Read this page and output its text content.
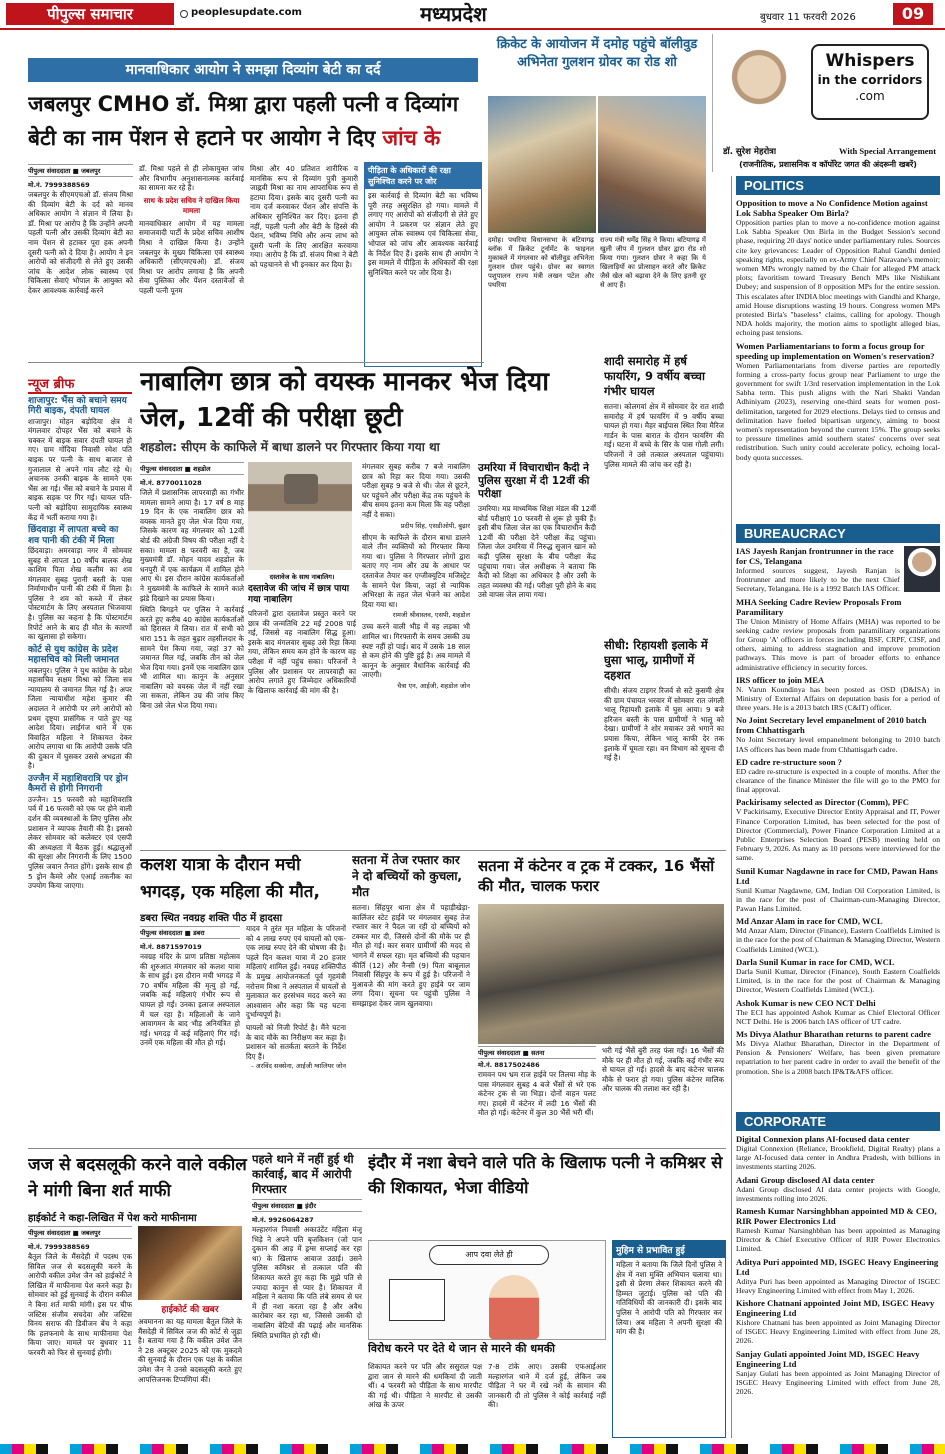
पीपुल्स समाचार	peoplesupdate.com	मध्यप्रदेश	बुधवार 11 फरवरी 2026	09
मानवाधिकार आयोग ने समझा दिव्यांग बेटी का दर्द
जबलपुर CMHO डॉ. मिश्रा द्वारा पहली पत्नी व दिव्यांग बेटी का नाम पेंशन से हटाने पर आयोग ने दिए जांच के
पीपुल्स संवाददाता ■ जबलपुर
मो.नं. 7999388569
जबलपुर के सीएमएचओ डॉ. संजय मिश्रा की दिव्यांग बेटी के दर्द को मानव अधिकार आयोग ने संज्ञान में लिया है। डॉ. मिश्रा पर आरोप है कि उन्होंने अपनी पहली पत्नी और उसकी दिव्यांग बेटी का नाम पेंशन से हटाकर पूरा हक अपनी दूसरी पत्नी को दे दिया है। आयोग ने इन आरोपों को संजीदगी से लेते हुए उसकी जांच के आदेश लोक स्वास्थ्य एवं चिकित्सा सेवाएं भोपाल के आयुक्त को देकर आवश्यक कार्रवाई करने
डॉ. मिश्रा पहले से ही लोकायुक्त जांच और विभागीय अनुशासनात्मक कार्रवाई का सामना कर रहे हैं।
साथ के प्रदेश सचिव ने दाखिल किया मामला
मानवाधिकार आयोग में यह मामला समाजवादी पार्टी के प्रदेश सचिव आशीष मिश्रा ने दाखिल किया है। उन्होंने जबलपुर के मुख्य चिकित्सा एवं स्वास्थ्य अधिकारी (सीएमएचओ) डॉ. संजय मिश्रा पर आरोप लगाया है कि अपनी सेवा पुस्तिका और पेंशन दस्तावेजों से पहली पत्नी पूनम
मिश्रा और 40 प्रतिशत शारीरिक व मानसिक रूप से दिव्यांग पुत्री कुमारी जाह्नवी मिश्रा का नाम आपराधिक रूप से हटाया दिया। इसके बाद दूसरी पत्नी का नाम दर्ज करवाकर पेंशन और संपत्ति के अधिकार सुनिश्चित कर दिए। इतना ही नहीं, पहली पत्नी और बेटी के हिस्से की पेंशन, भविष्य निधि और अन्य लाभ को दूसरी पत्नी के लिए आरक्षित करवाया गया। आरोप है कि डॉ. संजय मिश्रा ने बेटी को पहचानने से भी इनकार कर दिया है।
पीड़िता के अधिकारों की रक्षा सुनिश्चित करने पर जोर
इस कार्रवाई से दिव्यांग बेटी का भविष्य पूरी तरह असुरक्षित हो गया। मामले में लगाए गए आरोपों को संजीदगी से लेते हुए आयोग ने प्रकरण पर संज्ञान लेते हुए आयुक्त लोक स्वास्थ्य एवं चिकित्सा सेवा, भोपाल को जांच और आवश्यक कार्रवाई के निर्देश दिए हैं। इसके साथ ही आयोग ने इस मामले में पीड़िता के अधिकारों की रक्षा सुनिश्चित करने पर जोर दिया है।
क्रिकेट के आयोजन में दमोह पहुंचे बॉलीवुड अभिनेता गुलशन ग्रोवर का रोड शो
दमोह। पथरिया विधानसभा के बटियागढ़ ब्लॉक में क्रिकेट टूर्नामेंट के फाइनल मुकाबले में मंगलवार को बॉलीवुड अभिनेता गुलशन ग्रोवर पहुंचे। ग्रोवर का स्वागत पशुपालन राज्य मंत्री लखन पटेल और पथरिया
राज्य मंत्री धर्मेंद्र सिंह ने किया। बटियागढ़ में खुली जीप में गुलशन ग्रोवर द्वारा रोड शो किया गया। गुलशन ग्रोवर ने कहा कि ये खिलाड़ियों का प्रोत्साहन करते और क्रिकेट जैसे खेल को बढ़ावा देने के लिए इतनी दूर से आए हैं।
Whispers
in the corridors
.com
डॉ. सुरेश मेहरोत्रा	With Special Arrangement
(राजनीतिक, प्रशासनिक व कॉर्पोरेट जगत की अंदरूनी खबरें)
POLITICS
Opposition to move a No Confidence Motion against Lok Sabha Speaker Om Birla?
Opposition parties plan to move a no-confidence motion against Lok Sabha Speaker Om Birla in the Budget Session's second phase, requiring 20 days' notice under parliamentary rules. Sources cite key grievances: Leader of Opposition Rahul Gandhi denied speaking rights, especially on ex-Army Chief Naravane's memoir; women MPs wrongly named by the Chair for alleged PM attack plots; favoritism toward Treasury Bench MPs like Nishikant Dubey; and suspension of 8 opposition MPs for the entire session. This escalates after INDIA bloc meetings with Gandhi and Kharge, amid House disruptions wasting 19 hours. Congress women MPs protested Birla's "baseless" claims, calling for apology. Though NDA holds majority, the motion aims to spotlight alleged bias, echoing past tensions.
Women Parliamentarians to form a focus group for speeding up implementation on Women's reservation?
Women Parliamentarians from diverse parties are reportedly forming a cross-party focus group near Parliament to urge the government for swift 1/3rd reservation implementation in the Lok Sabha term. This push aligns with the Nari Shakti Vandan Adhiniyam (2023), reserving one-third seats for women post-delimitation, targeted for 2029 elections. Delays tied to census and delimitation have fueled bipartisan urgency, aiming to boost women's representation beyond the current 15%. The group seeks to pressure timelines amid southern states' concerns over seat redistribution. Such unity could accelerate policy, echoing local-body quota successes.
BUREAUCRACY
IAS Jayesh Ranjan frontrunner in the race for CS, Telangana
Informed sources suggest, Jayesh Ranjan is frontrunner and more likely to be the next Chief Secretary, Telangana. He is a 1992 Batch IAS Officer.
MHA Seeking Cadre Review Proposals From Paramilitary
The Union Ministry of Home Affairs (MHA) was reported to be seeking cadre review proposals from paramilitary organizations for Group 'A' officers in forces including BSF, CRPF, CISF, and others, aiming to address stagnation and improve promotion pathways. This move is part of broader efforts to enhance administrative efficiency in security forces.
IRS officer to join MEA
N. Varun Koundinya has been posted as OSD (D&ISA) in Ministry of External Affairs on deputation basis for a period of three years. He is a 2013 batch IRS (C&IT) officer.
No Joint Secretary level empanelment of 2010 batch from Chhattisgarh
No Joint Secretary level empanelment belonging to 2010 batch IAS officers has been made from Chhattisgarh cadre.
ED cadre re-structure soon ?
ED cadre re-structure is expected in a couple of months. After the clearance of the finance Minister the file will go to the PMO for final approval.
Packirisamy selected as Director (Comm), PFC
V Packirisamy, Executive Director Entity Appraisal and IT, Power Finance Corporation Limited, has been selected for the post of Director (Commercial), Power Finance Corporation Limited at a Public Enterprises Selection Board (PESB) meeting held on February 9, 2026. As many as 10 persons were interviewed for the same.
Sunil Kumar Nagdawne in race for CMD, Pawan Hans Ltd
Sunil Kumar Nagdawne, GM, Indian Oil Corporation Limited, is in the race for the post of Chairman-cum-Managing Director, Pawan Hans Limited.
Md Anzar Alam in race for CMD, WCL
Md Anzar Alam, Director (Finance), Eastern Coalfields Limited is in the race for the post of Chairman & Managing Director, Western Coalfields Limited (WCL).
Darla Sunil Kumar in race for CMD, WCL
Darla Sunil Kumar, Director (Finance), South Eastern Coalfields Limited, is in the race for the post of Chairman & Managing Director, Western Coalfields Limited (WCL).
Ashok Kumar is new CEO NCT Delhi
The ECI has appointed Ashok Kumar as Chief Electoral Officer NCT Delhi. He is 2006 batch IAS officer of UT cadre.
Ms Divya Alathur Bharathan returns to parent cadre
Ms Divya Alathur Bharathan, Director in the Department of Pension & Pensioners' Welfare, has been given premature repatriation to her parent cadre in order to avail the benefit of the promotion. She is a 2008 batch IP&T&AFS officer.
CORPORATE
Digital Connexion plans AI-focused data center
Digital Connexion (Reliance, Brookfield, Digital Realty) plans a large AI-focused data center in Andhra Pradesh, with billions in investments starting 2026.
Adani Group disclosed AI data center
Adani Group disclosed AI data center projects with Google, investments rolling into 2026.
Ramesh Kumar Narsinghbhan appointed MD & CEO, RIR Power Electronics Ltd
Ramesh Kumar Narsinghbhan has been appointed as Managing Director & Chief Executive Officer of RIR Power Electronics Limited.
Aditya Puri appointed MD, ISGEC Heavy Engineering Ltd
Aditya Puri has been appointed as Managing Director of ISGEC Heavy Engineering Limited with effect from May 1, 2026.
Kishore Chatnani appointed Joint MD, ISGEC Heavy Engineering Ltd
Kishore Chatnani has been appointed as Joint Managing Director of ISGEC Heavy Engineering Limited with effect from June 28, 2026.
Sanjay Gulati appointed Joint MD, ISGEC Heavy Engineering Ltd
Sanjay Gulati has been appointed as Joint Managing Director of ISGEC Heavy Engineering Limited with effect from June 28, 2026.
न्यूज ब्रीफ
शाजापुर: भैंस को बचाने समय गिरी बाइक, दंपती घायल
शाजापुर। मोहन बड़ोदिया क्षेत्र में मंगलवार दोपहर भैंस को बचाने के चक्कर में बाइक सवार दंपती घायल हो गए। ग्राम गोंदिया निवासी रमेश पति बाइक पर पत्नी के साथ बाजार से गुजालाल से अपने गांव लौट रहे थे। अचानक उनकी बाइक के सामने एक भैंस आ गई। भैंस को बचाने के प्रयास में बाइक सड़क पर गिर गई। घायल पति-पत्नी को बड़ोदिया सामुदायिक स्वास्थ्य केंद्र में भर्ती कराया गया है।
छिंदवाड़ा में लापता बच्चे का शव पानी की टंकी में मिला
छिंदवाड़ा। अमरवाड़ा नगर में सोमवार सुबह से लापता 10 वर्षीय बालक शेख काशिम पिता शेख कलीम का शव मंगलवार सुबह पुरानी बस्ती के पास निर्माणाधीन पानी की टंकी में मिला है। पुलिस ने शव को कब्जे में लेकर पोस्टमार्टम के लिए अस्पताल भिजवाया है। पुलिस का कहना है कि पोस्टमार्टम रिपोर्ट आने के बाद ही मौत के कारणों का खुलासा हो सकेगा।
कोर्ट से युथ कांग्रेस के प्रदेश महासचिव को मिली जमानत
जबलपुर। पुलिस ने युथ कांग्रेस के प्रदेश महासचिव सक्षम मिश्रा को जिला सत्र न्यायालय से जमानत मिल गई है। अपर जिला न्यायाधीश महेश कुमार की अदालत ने आरोपी पर लगे आरोपों को प्रथम दृष्ट्या प्रासंगिक न पाते हुए यह आदेश दिया। लाईगंज थाने में एक विवाहित महिला ने शिकायत देकर आरोप लगाया था कि आरोपी उसके पति की दुकान में घुसकर उससे अभद्रता की है।
उज्जैन में महाशिवरात्रि पर ड्रोन कैमरों से होगी निगरानी
उज्जैन। 15 फरवरी को महाशिवरात्रि पर्व में 16 फरवरी को एक पर होने वाली दर्शन की व्यवस्थाओं के लिए पुलिस और प्रशासन ने व्यापक तैयारी की है। इसको लेकर सोमवार को कलेक्टर एवं एसपी की अध्यक्षता में बैठक हुई। श्रद्धालुओं की सुरक्षा और निगरानी के लिए 1500 पुलिस जवान तैनात होंगे। इसके साथ ही 5 ड्रोन कैमरे और एआई तकनीक का उपयोग किया जाएगा।
नाबालिग छात्र को वयस्क मानकर भेज दिया जेल, 12वीं की परीक्षा छूटी
शहडोल: सीएम के काफिले में बाधा डालने पर गिरफ्तार किया गया था
पीपुल्स संवाददाता ■ शहडोल
मो.नं. 8770011028
जिले में प्रशासनिक लापरवाही का गंभीर मामला सामने आया है। 17 वर्ष 8 माह 19 दिन के एक नाबालिग छात्र को वयस्क मानते हुए जेल भेज दिया गया, जिसके कारण वह मंगलवार को 12वीं बोर्ड की अंग्रेजी विषय की परीक्षा नहीं दे सका। मामला 8 फरवरी का है, जब मुख्यमंत्री डॉ. मोहन यादव शहडोल के धनपुरी में एक कार्यक्रम में शामिल होने आए थे। इस दौरान कांग्रेस कार्यकर्ताओं ने मुख्यमंत्री के काफिले के सामने काले झंडे दिखाने का प्रयास किया।
स्थिति बिगड़ने पर पुलिस ने कार्रवाई करते हुए करीब 40 कांग्रेस कार्यकर्ताओं को हिरासत में लिया। रात में सभी को धारा 151 के तहत बुढ़ार तहसीलदार के सामने पेश किया गया, जहां 37 को जमानत मिल गई, जबकि तीन को जेल भेज दिया गया। इनमें एक नाबालिग छात्र भी शामिल था। कानून के अनुसार नाबालिग को वयस्क जेल में नहीं रखा जा सकता, लेकिन उम्र की जांच किए बिना उसे जेल भेज दिया गया।
दस्तावेज के साथ नाबालिग।
दस्तावेज की जांच में छात्र पाया गया नाबालिग
परिजनों द्वारा दस्तावेज प्रस्तुत करने पर छात्र की जन्मतिथि 22 मई 2008 पाई गई, जिससे वह नाबालिग सिद्ध हुआ। इसके बाद मंगलवार सुबह उसे रिहा किया गया, लेकिन समय कम होने के कारण वह परीक्षा में नहीं पहुंच सका। परिजनों ने पुलिस और प्रशासन पर लापरवाही का आरोप लगाते हुए जिम्मेदार अधिकारियों के खिलाफ कार्रवाई की मांग की है।
मंगलवार सुबह करीब 7 बजे नाबालिग छात्र को रिहा कर दिया गया। उसकी परीक्षा सुबह 9 बजे से थी। जेल से छूटने, घर पहुंचने और परीक्षा केंद्र तक पहुंचने के बीच समय इतना कम मिला कि वह परीक्षा नहीं दे सका।
प्रदीप सिंह, एसडीओपी, बुढ़ार
सीएम के काफिले के दौरान बाधा डालने वाले तीन व्यक्तियों को गिरफ्तार किया गया था। पुलिस ने गिरफ्तार लोगों द्वारा बताए गए नाम और उम्र के आधार पर दस्तावेज तैयार कर एग्जीक्यूटिव मजिस्ट्रेट के सामने पेश किया, जहां से न्यायिक अभिरक्षा के तहत जेल भेजने का आदेश दिया गया था।
रामजी श्रीवास्तव, एसपी, शहडोल
उच्च करने वाली भीड़ में वह लड़का भी शामिल था। गिरफ्तारी के समय उसकी उम्र स्पष्ट नहीं हो पाई। बाद में उसके 18 साल से कम होने की पुष्टि हुई है। अब मामले में कानून के अनुसार वैधानिक कार्रवाई की जाएगी।
चैत्रा एन, आईजी, शहडोल जोन
उमरिया में विचाराधीन कैदी ने पुलिस सुरक्षा में दी 12वीं की परीक्षा
उमरिया। मप्र माध्यमिक शिक्षा मंडल की 12वीं बोर्ड परीक्षाएं 10 फरवरी से शुरू हो चुकी हैं। इसी बीच जिला जेल का एक विचाराधीन कैदी 12वीं की परीक्षा देने परीक्षा केंद्र पहुंचा। जिला जेल उमरिया में निरुद्ध सुजान खान को कड़ी पुलिस सुरक्षा के बीच परीक्षा केंद्र पहुंचाया गया। जेल अधीक्षक ने बताया कि कैदी को शिक्षा का अधिकार है और उसी के तहत व्यवस्था की गई। परीक्षा पूरी होने के बाद उसे वापस जेल लाया गया।
शादी समारोह में हर्ष फायरिंग, 9 वर्षीय बच्चा गंभीर घायल
सतना। कोलगवां क्षेत्र में सोमवार देर रात शादी समारोह में हर्ष फायरिंग में 9 वर्षीय बच्चा घायल हो गया। मैहर बाईपास स्थित रिवा मैरिज गार्डन के पास बारात के दौरान फायरिंग की गई। घटना में बच्चे के सिर के पास गोली लगी। परिजनों ने उसे तत्काल अस्पताल पहुंचाया। पुलिस मामले की जांच कर रही है।
सीधी: रिहायशी इलाके में घुसा भालू, ग्रामीणों में दहशत
सीधी। संजय टाइगर रिजर्व से सटे कुसमी क्षेत्र की ग्राम पंचायत भरवार में सोमवार रात जंगली भालू रिहायशी इलाके में घुस आया। 9 बजे हरिजन बस्ती के पास ग्रामीणों ने भालू को देखा। ग्रामीणों ने शोर मचाकर उसे भगाने का प्रयास किया, लेकिन भालू काफी देर तक इलाके में घूमता रहा। वन विभाग को सूचना दी गई है।
कलश यात्रा के दौरान मची भगदड़, एक महिला की मौत,
डबरा स्थित नवग्रह शक्ति पीठ में हादसा
पीपुल्स संवाददाता ■ डबरा
मो.नं. 8871597019
नवग्रह मंदिर के प्राण प्रतिष्ठा महोत्सव की शुरुआत मंगलवार को कलश यात्रा के साथ हुई। इस दौरान मची भगदड़ में 70 वर्षीय महिला की मृत्यु हो गई, जबकि कई महिलाएं गंभीर रूप से घायल हो गईं। उनका इलाज अस्पताल में चल रहा है। महिलाओं के जाने आवागमन के बाद भीड़ अनियंत्रित हो गई। भगदड़ में कई महिलाएं गिर गईं। उनमें एक महिला की मौत हो गई।
यादव ने तुरंत मृत महिला के परिजनों को 4 लाख रुपए एवं घायलों को एक-एक लाख रुपए देने की घोषणा की है। पहले दिन कलश यात्रा में 20 हजार महिलाएं शामिल हुईं। नवग्रह शक्तिपीठ के प्रमुख आयोजनकर्ता पूर्व गृहमंत्री नरोत्तम मिश्रा ने अस्पताल में घायलों से मुलाकात कर हरसंभव मदद करने का आश्वासन और कहा कि यह घटना दुर्भाग्यपूर्ण है।
घायलों को निजी रिपोर्ट है। मैंने घटना के बाद मौके का निरीक्षण कर कहा है। प्रशासन को सतर्कता बरतने के निर्देश दिए हैं।
- अरविंद सक्सेना, आईजी ग्वालियर जोन
सतना में तेज रफ्तार कार ने दो बच्चियों को कुचला, मौत
सतना। सिंहपुर थाना क्षेत्र में पहाड़ीखेड़ा-कालिंजर स्टेट हाईवे पर मंगलवार सुबह तेज रफ्तार कार ने पैदल जा रही दो बच्चियों को टक्कर मार दी, जिससे दोनों की मौके पर ही मौत हो गई। कार सवार ग्रामीणों की मदद से भागने में सफल रहा। मृत बच्चियों की पहचान कीर्ति (12) और नैन्सी (9) पिता बाबूलाल निवासी सिंहपुर के रूप में हुई है। परिजनों ने मुआवजे की मांग करते हुए हाईवे पर जाम लगा दिया। सूचना पर पहुंची पुलिस ने समझाइश देकर जाम खुलवाया।
सतना में कंटेनर व ट्रक में टक्कर, 16 भैंसों की मौत, चालक फरार
पीपुल्स संवाददाता ■ सतना
मो.नं. 8817502486
रामवन पथ भ्रम राज हाईवे पर तिलया मोड़ के पास मंगलवार सुबह 4 बजे भैंसों से भरे एक कंटेनर ट्रक से जा भिड़ा। दोनों वाहन पलट गए। हादसे में कंटेनर में लदी 16 भैंसों की मौत हो गई। कंटेनर में कुल 30 भैंसें भरी थीं।
भरी गई भैंसें बुरी तरह फंस गईं। 16 भैंसों की मौके पर ही मौत हो गई, जबकि कई गंभीर रूप से घायल हो गईं। हादसे के बाद कंटेनर चालक मौके से फरार हो गया। पुलिस कंटेनर मालिक और चालक की तलाश कर रही है।
जज से बदसलूकी करने वाले वकील ने मांगी बिना शर्त माफी
हाईकोर्ट ने कहा-लिखित में पेश करो माफीनामा
पीपुल्स संवाददाता ■ जबलपुर
मो.नं. 7999388569
बैतूल जिले के मैंसदेही में पदस्थ एक सिविल जज से बदसलूकी करने के आरोपी वकील उमेश जैन को हाईकोर्ट ने लिखित में माफीनामा पेश करने कहा है। सोमवार को हुई सुनवाई के दौरान वकील ने बिना शर्त माफी मांगी। इस पर चीफ जस्टिस संजीव सचदेवा और जस्टिस विनय सराफ की डिवीजन बेंच ने कहा कि हलफनामे के साथ माफीनामा पेश किया जाए। मामले पर बुधवार 11 फरवरी को फिर से सुनवाई होगी।
हाईकोर्ट की खबर
अवमानना का यह मामला बैतूल जिले के मैंसदेही में सिविल जज की कोर्ट से जुड़ा है। बताया गया है कि वकील उमेश जैन ने 28 अक्टूबर 2025 को एक मुकदमे की सुनवाई के दौरान एक पक्ष के वकील उमेश जैन ने उनसे बदसलूकी करते हुए आपत्तिजनक टिप्पणियां कीं।
पहले थाने में नहीं हुई थी कार्रवाई, बाद में आरोपी गिरफ्तार
पीपुल्स संवाददाता ■ इंदौर
मो.नं. 9926064287
मल्हारगंज निवासी अकाउंटेंट महिला मंजू भिड़े ने अपने पति बृजकिशन (जो पान दुकान की आड़ में ड्रग्स सप्लाई कर रहा था) के खिलाफ आवाज उठाई। उसने पुलिस कमिश्नर से तत्काल पति की शिकायत करते हुए कहा कि मुझे पति से ज्यादा कानून से प्यार है। शिकायत में महिला ने बताया कि पति लंबे समय से घर में ही नशा करता रहा है और अवैध कारोबार कर रहा था, जिससे उसकी दो नाबालिग बेटियों की पढ़ाई और मानसिक स्थिति प्रभावित हो रही थी।
इंदौर में नशा बेचने वाले पति के खिलाफ पत्नी ने कमिश्नर से की शिकायत, भेजा वीडियो
आप दवा लेते ही
विरोध करने पर देते थे जान से मारने की धमकी
शिकायत करने पर पति और ससुराल पक्ष द्वारा जान से मारने की धमकियां दी जाती थीं। 4 फरवरी को पीड़िता के साथ मारपीट की गई थी। पीड़िता ने मारपीट से उसकी आंख के ऊपर
7-8 टांके आए। उसकी एफआईआर मल्हारगंज थाने में दर्ज हुई, लेकिन जब पीड़िता ने घर में रखे नशे के सामान की जानकारी दी तो पुलिस ने कोई कार्रवाई नहीं की।
मुहिम से प्रभावित हुई
महिला ने बताया कि जिले दिनों पुलिस ने क्षेत्र में नशा मुक्ति अभियान चलाया था। इसी से प्रेरणा लेकर शिकायत करने की हिम्मत जुटाई। पुलिस को पति की गतिविधियों की जानकारी दी। इसके बाद पुलिस ने आरोपी पति को गिरफ्तार कर लिया। अब महिला ने अपनी सुरक्षा की मांग की है।
